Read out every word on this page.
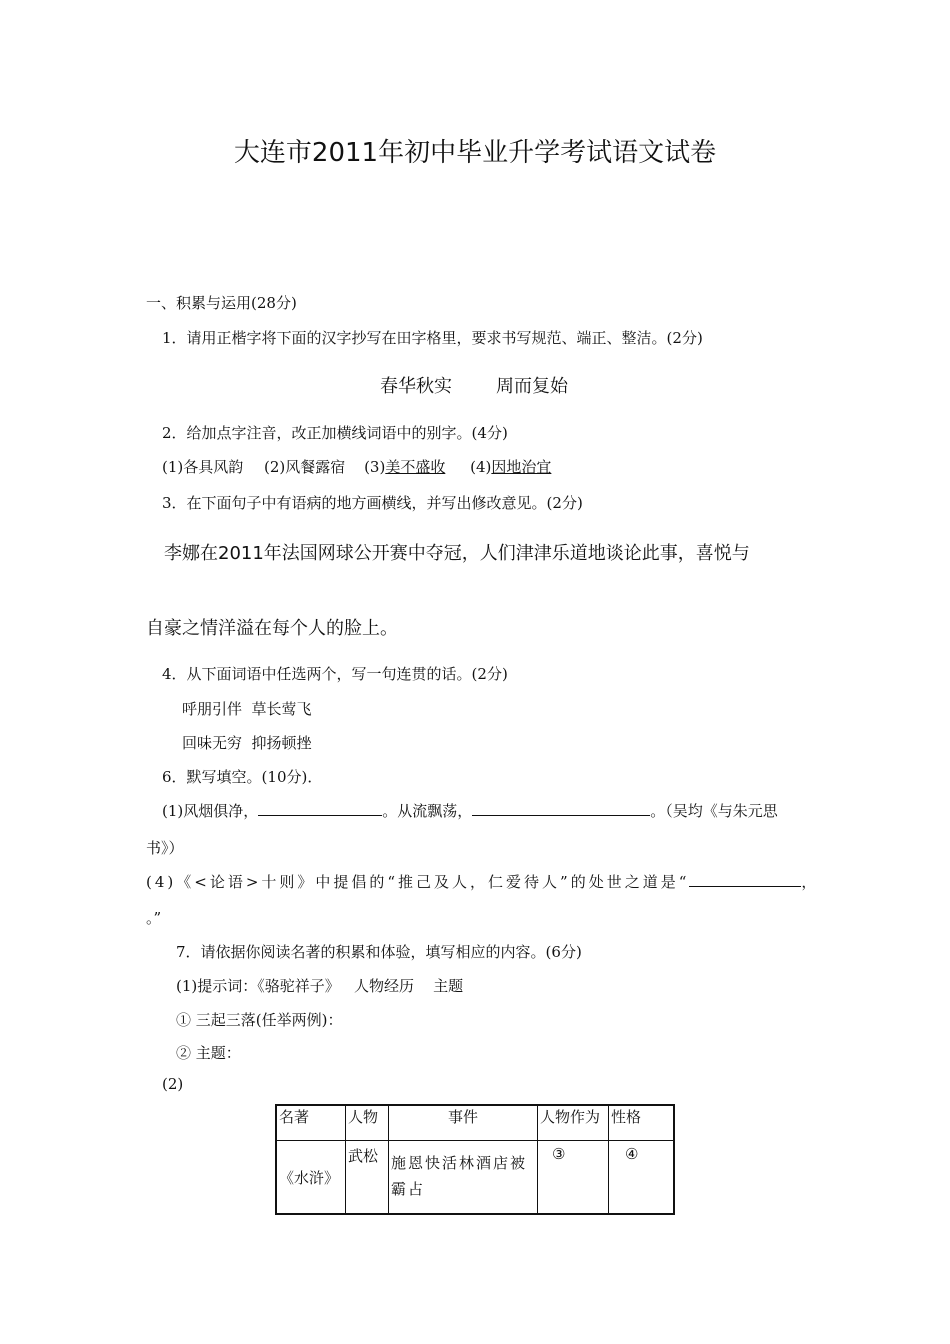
大连市2011年初中毕业升学考试语文试卷
一、积累与运用(28分)
1．请用正楷字将下面的汉字抄写在田字格里，要求书写规范、端正、整洁。(2分)
春华秋实 周而复始
2．给加点字注音，改正加横线词语中的别字。(4分)
(1)各具风韵 (2)风餐露宿 (3)美不盛收 (4)因地治宜
3．在下面句子中有语病的地方画横线，并写出修改意见。(2分)
李娜在2011年法国网球公开赛中夺冠，人们津津乐道地谈论此事，喜悦与
自豪之情洋溢在每个人的脸上。
4．从下面词语中任选两个，写一句连贯的话。(2分)
呼朋引伴  草长莺飞
回味无穷  抑扬顿挫
6．默写填空。(10分)．
(1)风烟俱净，	。从流飘荡，	。（吴均《与朱元思
书》）
(4)《<论语>十则》中提倡的“推己及人，仁爱待人”的处世之道是“	，
。”
7．请依据你阅读名著的积累和体验，填写相应的内容。(6分)
(1)提示词：《骆驼祥子》   人物经历    主题
① 三起三落(任举两例)：
② 主题：
(2)
名著	人物	事件	人物作为	性格
《水浒》	武松	施恩快活林酒店被
霸占	③	④
